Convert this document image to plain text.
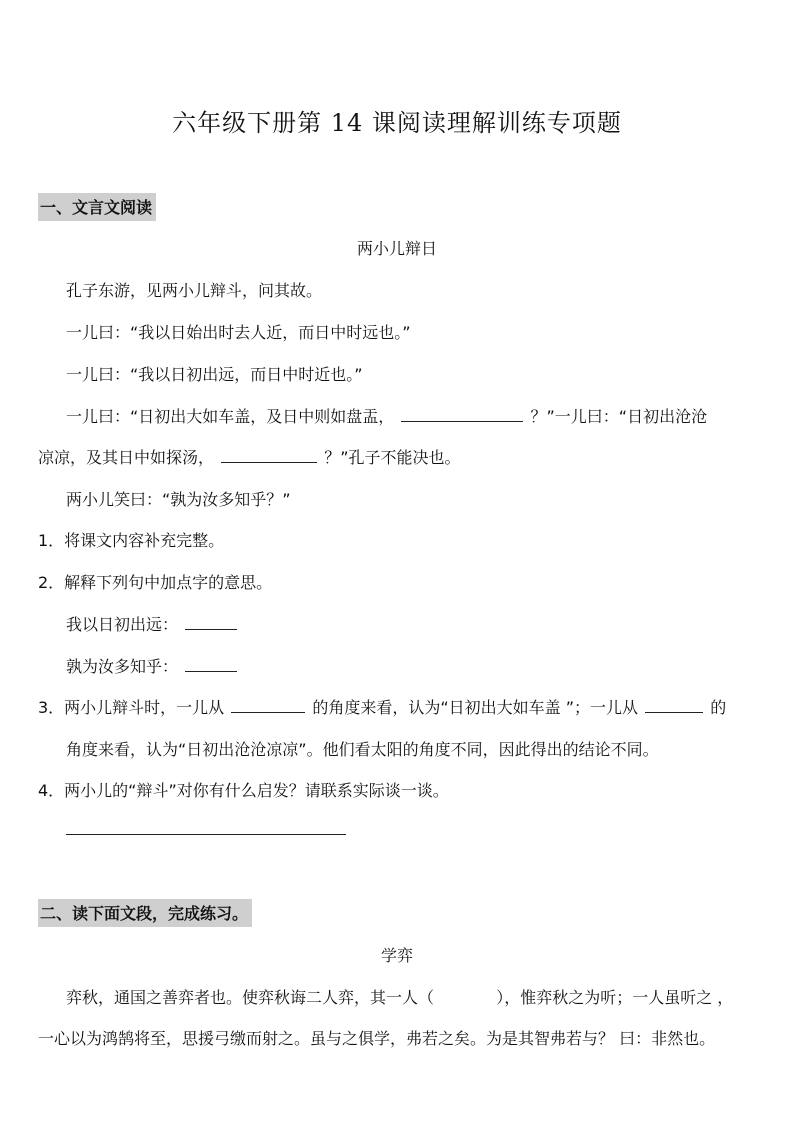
六年级下册第 14 课阅读理解训练专项题
一、文言文阅读
两小儿辩日
孔子东游，见两小儿辩斗，问其故。
一儿曰：“我以日始出时去人近，而日中时远也。”
一儿曰：“我以日初出远，而日中时近也。”
一儿曰：“日初出大如车盖，及日中则如盘盂，	？”一儿曰：“日初出沧沧
凉凉，及其日中如探汤，	？”孔子不能决也。
两小儿笑曰：“孰为汝多知乎？”
1．将课文内容补充完整。
2．解释下列句中加点字的意思。
我以日初出远：
孰为汝多知乎：
3．两小儿辩斗时，一儿从	的角度来看，认为“日初出大如车盖 ”；一儿从	的
角度来看，认为“日初出沧沧凉凉”。他们看太阳的角度不同，因此得出的结论不同。
4．两小儿的“辩斗”对你有什么启发？请联系实际谈一谈。
二、读下面文段，完成练习。
学弈
弈秋，通国之善弈者也。使弈秋诲二人弈，其一人（	），惟弈秋之为听；一人虽听之 ，
一心以为鸿鹄将至，思援弓缴而射之。虽与之俱学，弗若之矣。为是其智弗若与？ 曰：非然也。
